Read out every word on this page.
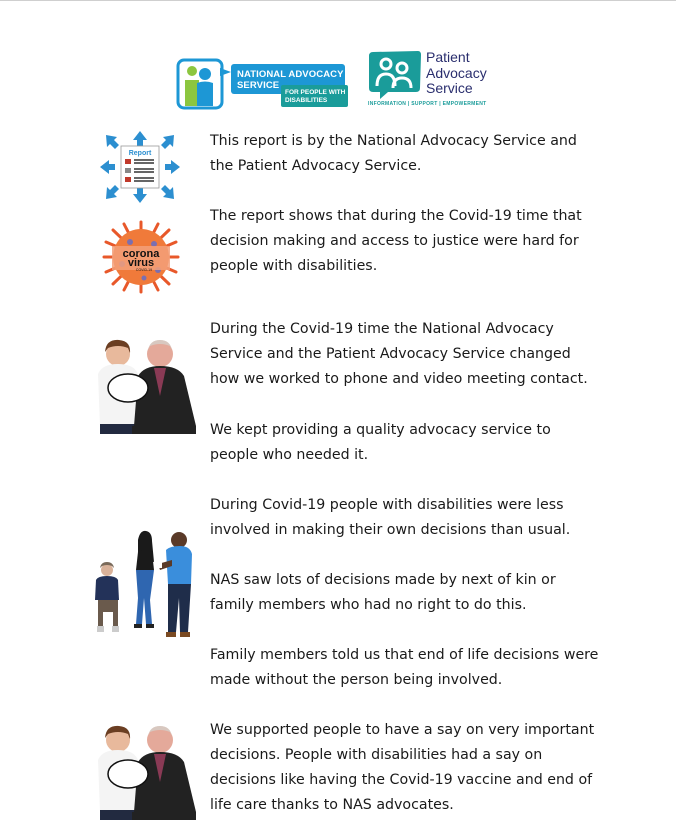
NATIONAL ADVOCACY
SERVICE
FOR PEOPLE WITH
DISABILITIES
Patient
Advocacy
Service
INFORMATION | SUPPORT | EMPOWERMENT
Report

This report is by the National Advocacy Service and the Patient Advocacy Service.

corona
virus
COVID-19

The report shows that during the Covid-19 time that decision making and access to justice were hard for people with disabilities.

During the Covid-19 time the National Advocacy Service and the Patient Advocacy Service changed how we worked to phone and video meeting contact.

We kept providing a quality advocacy service to people who needed it.

During Covid-19 people with disabilities were less involved in making their own decisions than usual.

NAS saw lots of decisions made by next of kin or family members who had no right to do this.

Family members told us that end of life decisions were made without the person being involved.

We supported people to have a say on very important decisions. People with disabilities had a say on decisions like having the Covid-19 vaccine and end of life care thanks to NAS advocates.
